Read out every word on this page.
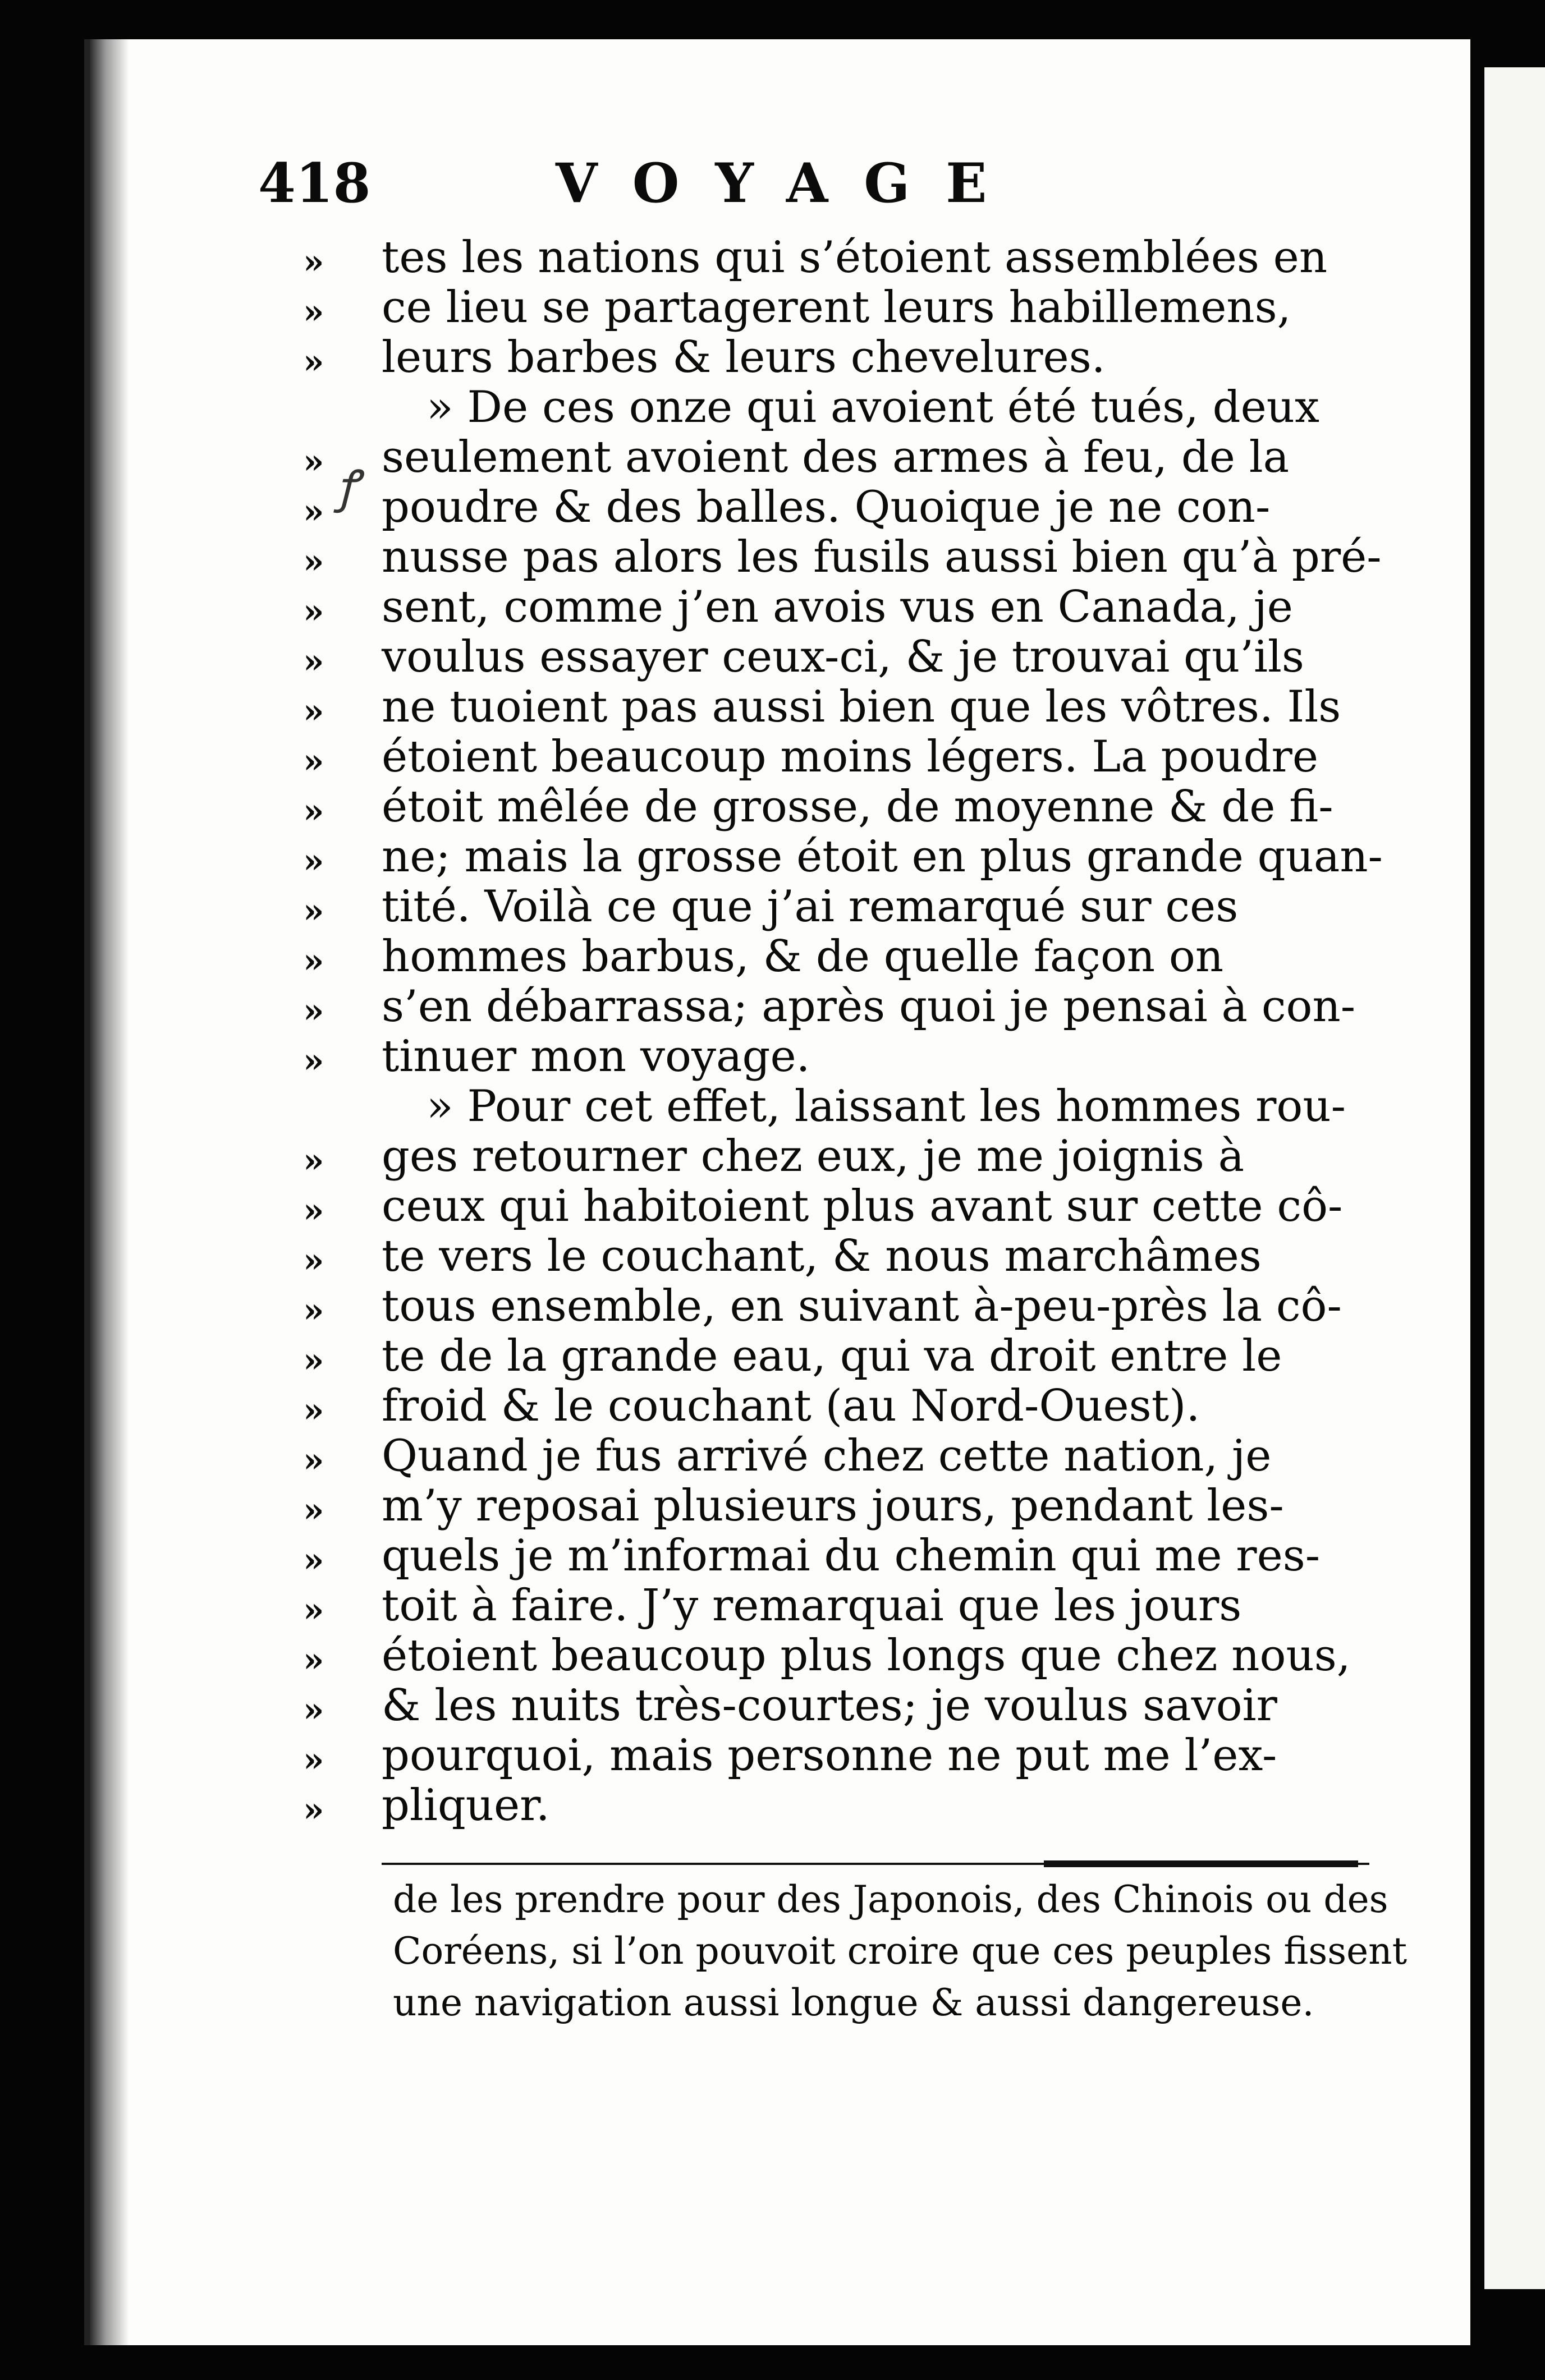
418	VOYAGE
ꝭ
» tes les nations qui s’étoient assemblées en
» ce lieu se partagerent leurs habillemens,
» leurs barbes & leurs chevelures.
» De ces onze qui avoient été tués, deux
» seulement avoient des armes à feu, de la
» poudre & des balles. Quoique je ne con-
» nusse pas alors les fusils aussi bien qu’à pré-
» sent, comme j’en avois vus en Canada, je
» voulus essayer ceux-ci, & je trouvai qu’ils
» ne tuoient pas aussi bien que les vôtres. Ils
» étoient beaucoup moins légers. La poudre
» étoit mêlée de grosse, de moyenne & de fi-
» ne; mais la grosse étoit en plus grande quan-
» tité. Voilà ce que j’ai remarqué sur ces
» hommes barbus, & de quelle façon on
» s’en débarrassa; après quoi je pensai à con-
» tinuer mon voyage.
» Pour cet effet, laissant les hommes rou-
» ges retourner chez eux, je me joignis à
» ceux qui habitoient plus avant sur cette cô-
» te vers le couchant, & nous marchâmes
» tous ensemble, en suivant à-peu-près la cô-
» te de la grande eau, qui va droit entre le
» froid & le couchant (au Nord-Ouest).
» Quand je fus arrivé chez cette nation, je
» m’y reposai plusieurs jours, pendant les-
» quels je m’informai du chemin qui me res-
» toit à faire. J’y remarquai que les jours
» étoient beaucoup plus longs que chez nous,
» & les nuits très-courtes; je voulus savoir
» pourquoi, mais personne ne put me l’ex-
» pliquer.
de les prendre pour des Japonois, des Chinois ou des
Coréens, si l’on pouvoit croire que ces peuples fissent
une navigation aussi longue & aussi dangereuse.
